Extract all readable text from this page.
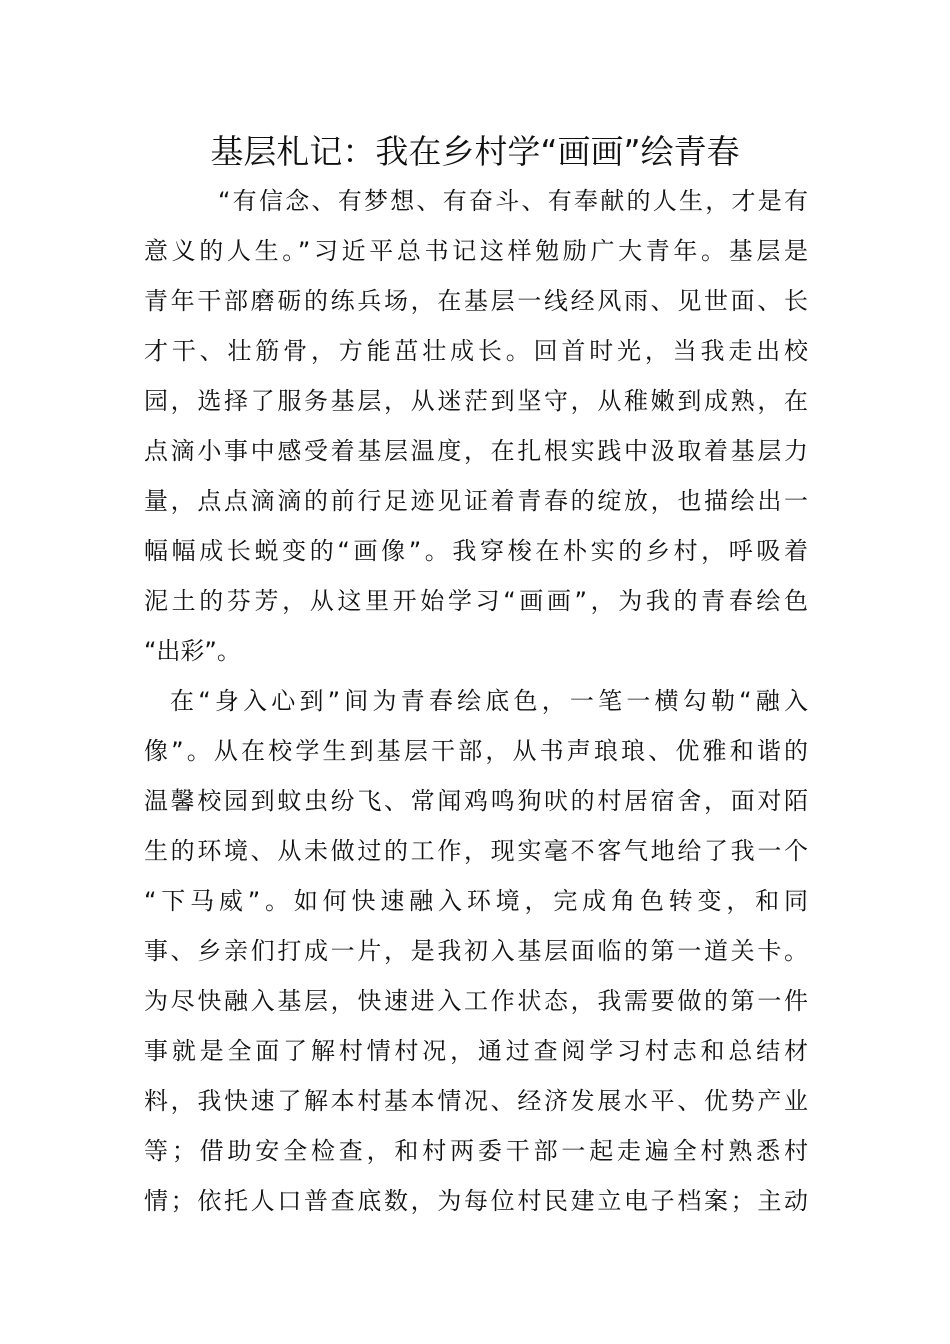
基层札记：我在乡村学“画画”绘青春
“有信念、有梦想、有奋斗、有奉献的人生，才是有
意义的人生。”习近平总书记这样勉励广大青年。基层是
青年干部磨砺的练兵场，在基层一线经风雨、见世面、长
才干、壮筋骨，方能茁壮成长。回首时光，当我走出校
园，选择了服务基层，从迷茫到坚守，从稚嫩到成熟，在
点滴小事中感受着基层温度，在扎根实践中汲取着基层力
量，点点滴滴的前行足迹见证着青春的绽放，也描绘出一
幅幅成长蜕变的“画像”。我穿梭在朴实的乡村，呼吸着
泥土的芬芳，从这里开始学习“画画”，为我的青春绘色
“出彩”。
在“身入心到”间为青春绘底色，一笔一横勾勒“融入
像”。从在校学生到基层干部，从书声琅琅、优雅和谐的
温馨校园到蚊虫纷飞、常闻鸡鸣狗吠的村居宿舍，面对陌
生的环境、从未做过的工作，现实毫不客气地给了我一个
“下马威”。如何快速融入环境，完成角色转变，和同
事、乡亲们打成一片，是我初入基层面临的第一道关卡。
为尽快融入基层，快速进入工作状态，我需要做的第一件
事就是全面了解村情村况，通过查阅学习村志和总结材
料，我快速了解本村基本情况、经济发展水平、优势产业
等；借助安全检查，和村两委干部一起走遍全村熟悉村
情；依托人口普查底数，为每位村民建立电子档案；主动
